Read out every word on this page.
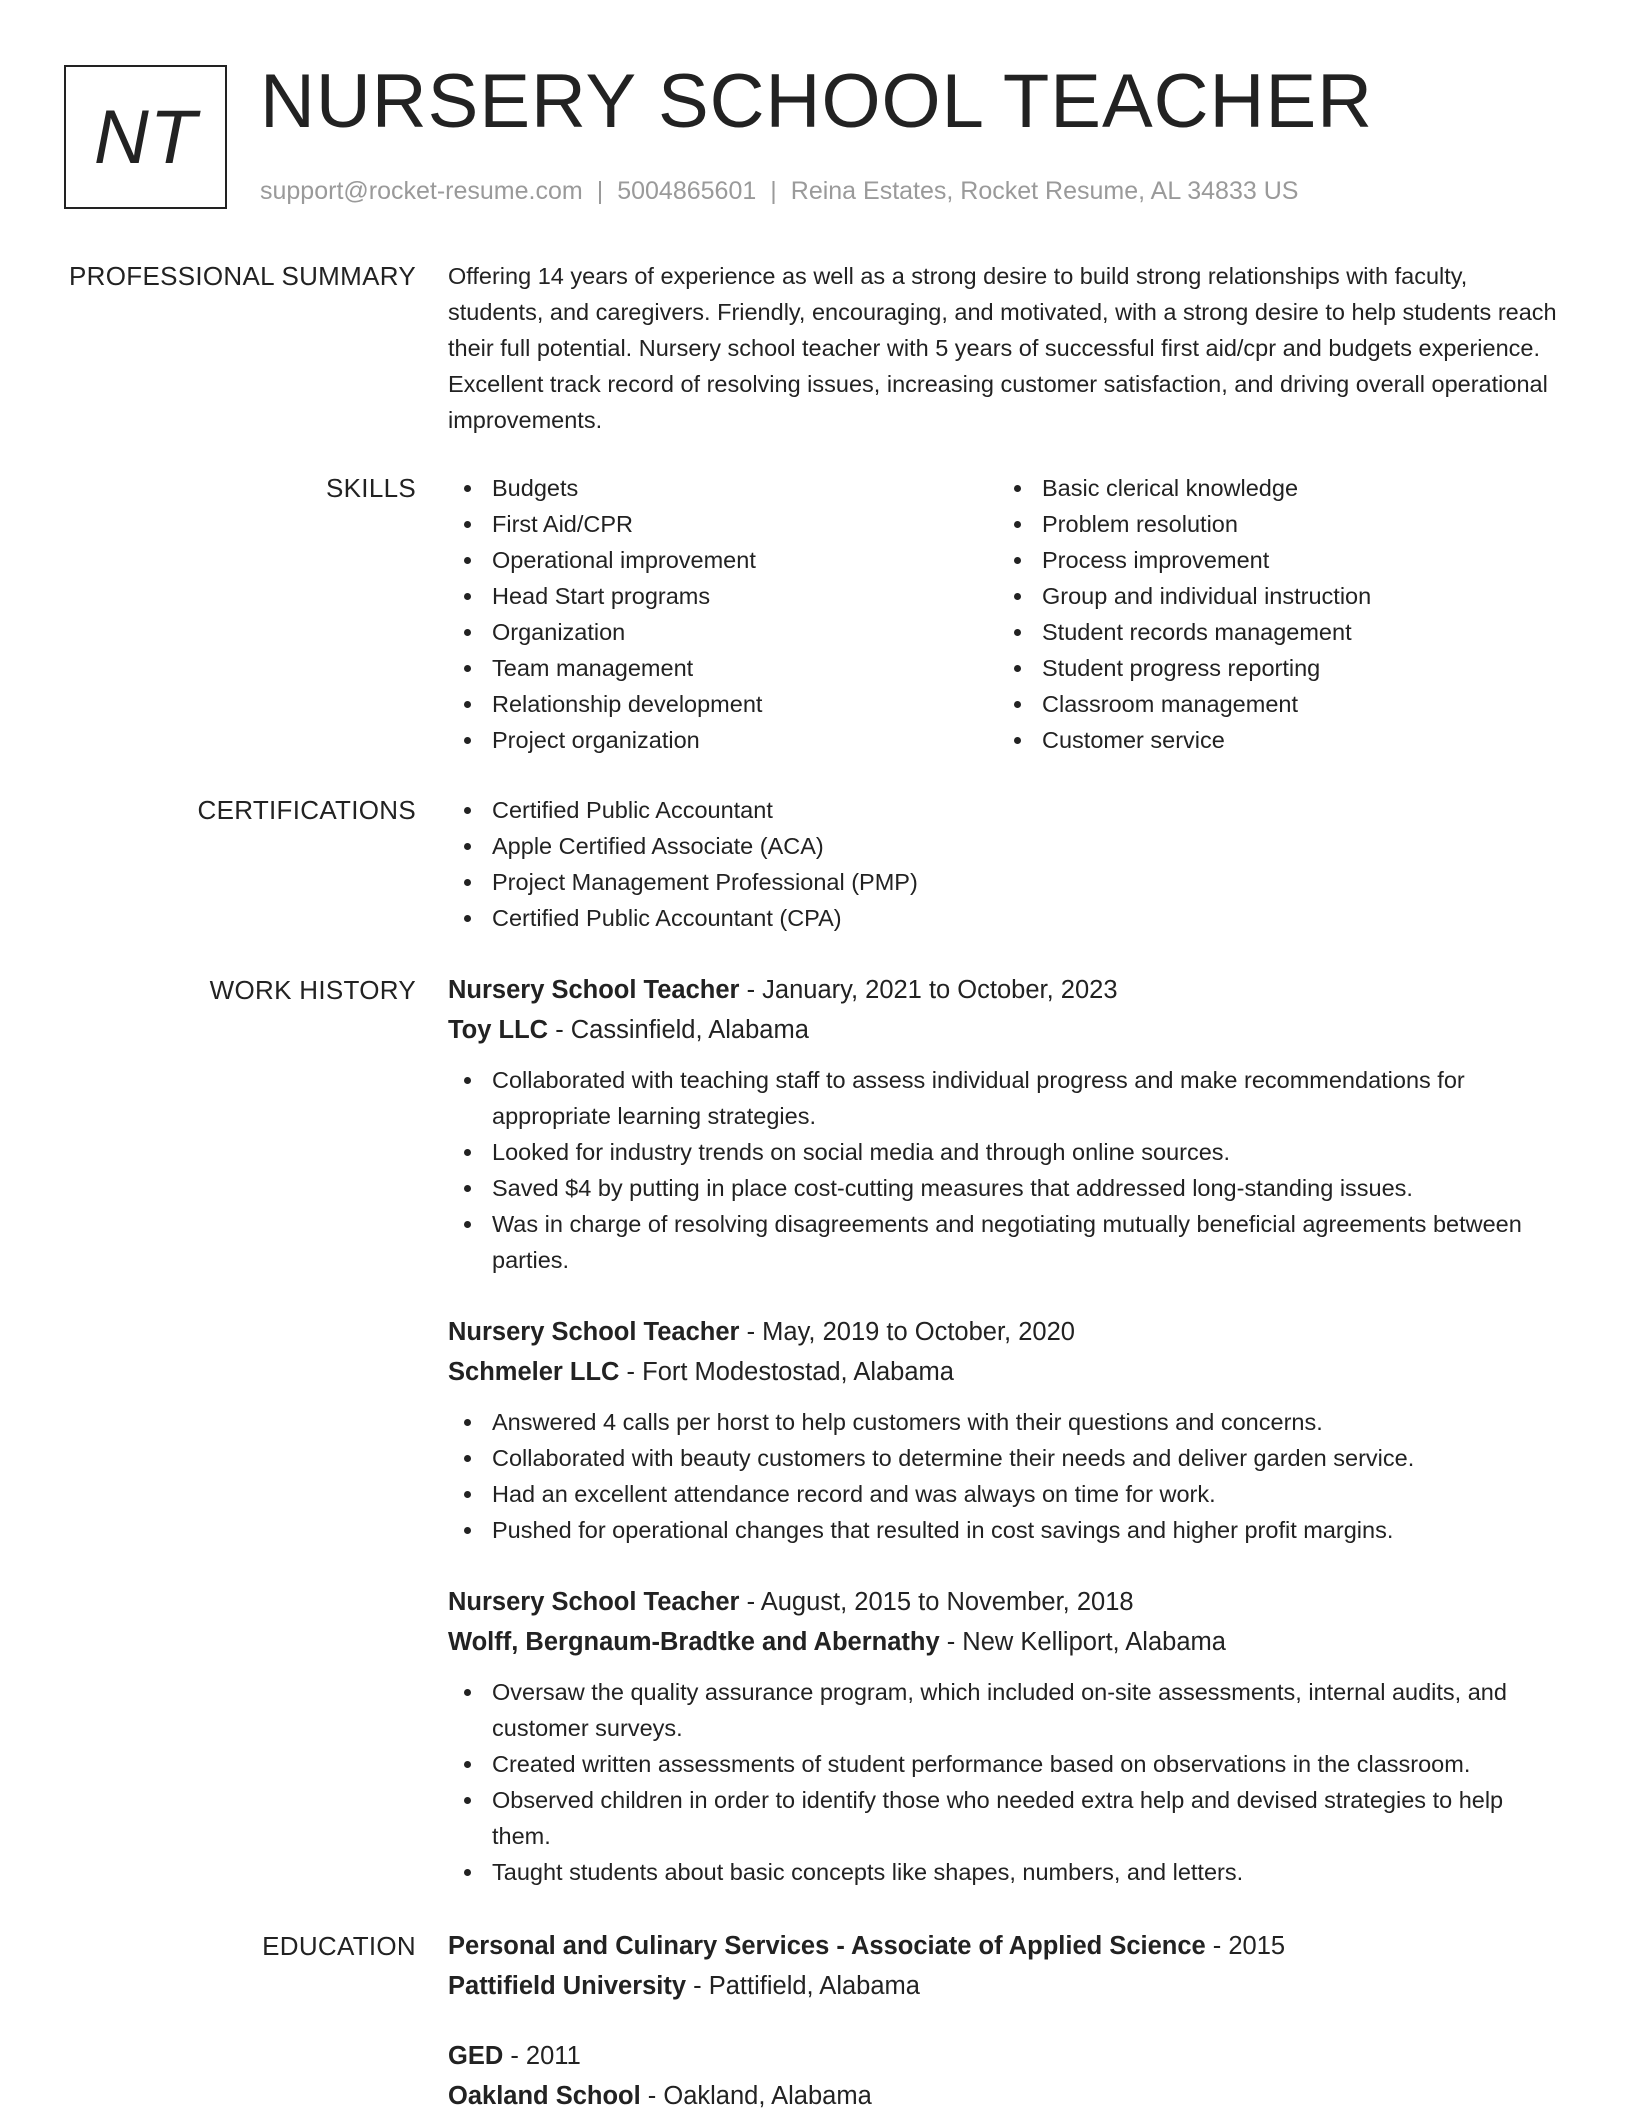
NT NURSERY SCHOOL TEACHER
support@rocket-resume.com | 5004865601 | Reina Estates, Rocket Resume, AL 34833 US
PROFESSIONAL SUMMARY Offering 14 years of experience as well as a strong desire to build strong relationships with faculty, students, and caregivers. Friendly, encouraging, and motivated, with a strong desire to help students reach their full potential. Nursery school teacher with 5 years of successful first aid/cpr and budgets experience. Excellent track record of resolving issues, increasing customer satisfaction, and driving overall operational improvements.
SKILLS	Budgets
First Aid/CPR
Operational improvement
Head Start programs
Organization
Team management
Relationship development
Project organization
Basic clerical knowledge
Problem resolution
Process improvement
Group and individual instruction
Student records management
Student progress reporting
Classroom management
Customer service
CERTIFICATIONS	Certified Public Accountant
Apple Certified Associate (ACA)
Project Management Professional (PMP)
Certified Public Accountant (CPA)
WORK HISTORY Nursery School Teacher - January, 2021 to October, 2023
Toy LLC - Cassinfield, Alabama
Collaborated with teaching staff to assess individual progress and make recommendations for appropriate learning strategies.
Looked for industry trends on social media and through online sources.
Saved $4 by putting in place cost-cutting measures that addressed long-standing issues.
Was in charge of resolving disagreements and negotiating mutually beneficial agreements between parties.
Nursery School Teacher - May, 2019 to October, 2020
Schmeler LLC - Fort Modestostad, Alabama
Answered 4 calls per horst to help customers with their questions and concerns.
Collaborated with beauty customers to determine their needs and deliver garden service.
Had an excellent attendance record and was always on time for work.
Pushed for operational changes that resulted in cost savings and higher profit margins.
Nursery School Teacher - August, 2015 to November, 2018
Wolff, Bergnaum-Bradtke and Abernathy - New Kelliport, Alabama
Oversaw the quality assurance program, which included on-site assessments, internal audits, and customer surveys.
Created written assessments of student performance based on observations in the classroom.
Observed children in order to identify those who needed extra help and devised strategies to help them.
Taught students about basic concepts like shapes, numbers, and letters.
EDUCATION Personal and Culinary Services - Associate of Applied Science - 2015
Pattifield University - Pattifield, Alabama
GED - 2011
Oakland School - Oakland, Alabama
